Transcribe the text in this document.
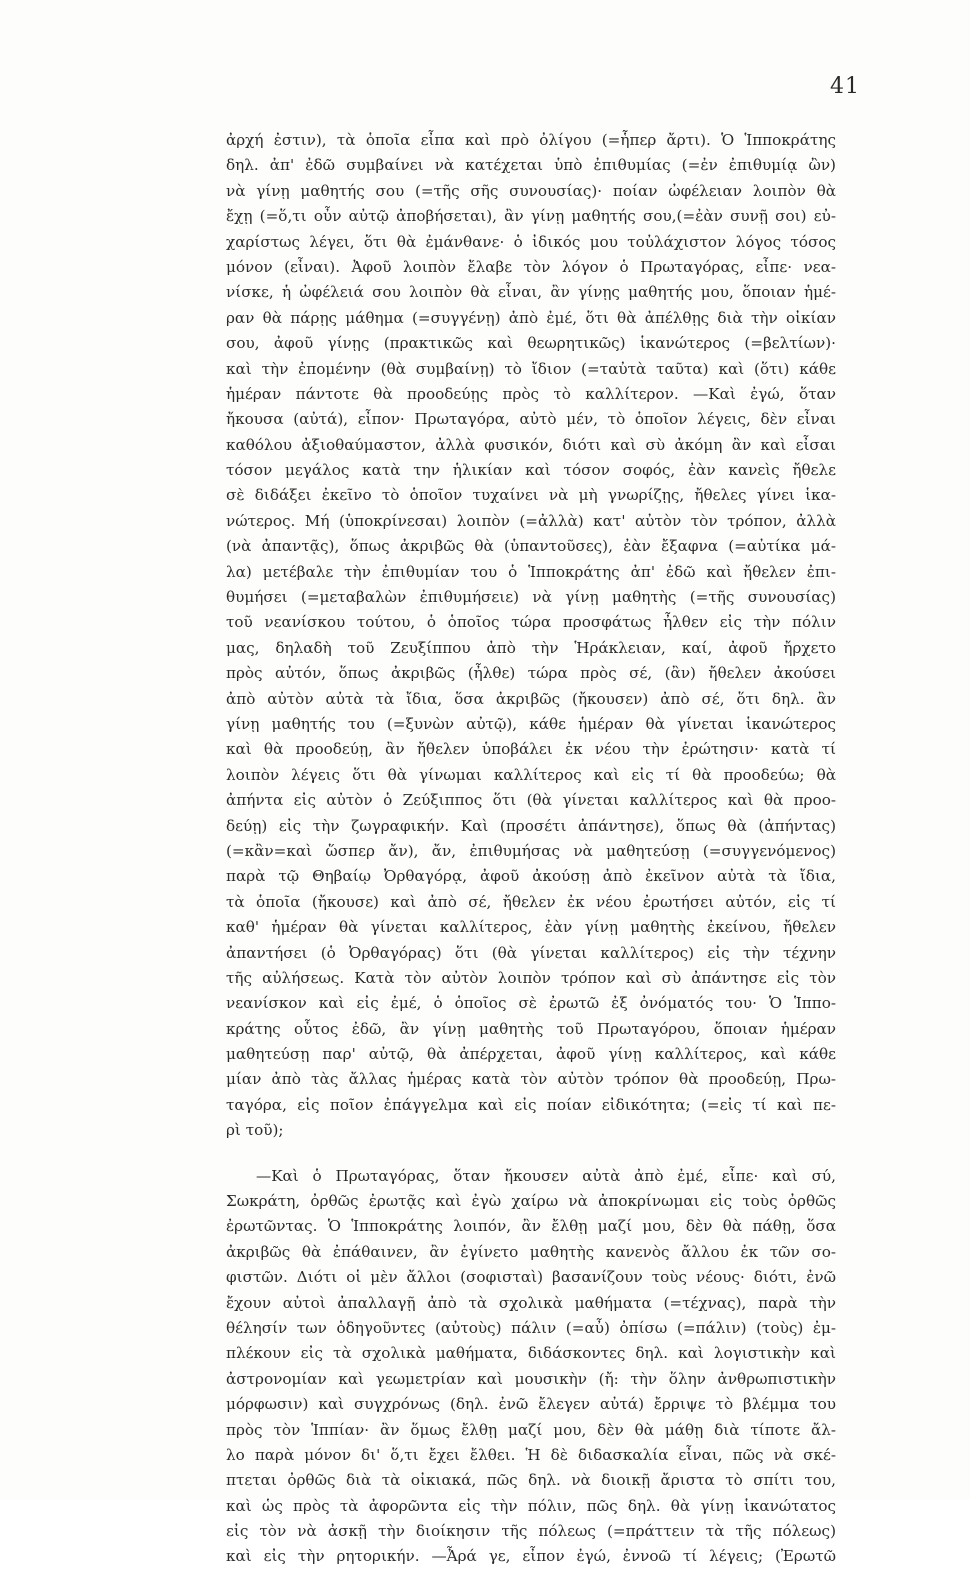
41
ἀρχή ἐστιν), τὰ ὁποῖα εἶπα καὶ πρὸ ὀλίγου (=ἧπερ ἄρτι). Ὁ Ἱπποκράτης
δηλ. ἀπ' ἐδῶ συμβαίνει νὰ κατέχεται ὑπὸ ἐπιθυμίας (=ἐν ἐπιθυμίᾳ ὢν)
νὰ γίνῃ μαθητής σου (=τῆς σῆς συνουσίας)· ποίαν ὠφέλειαν λοιπὸν θὰ
ἔχῃ (=ὅ,τι οὖν αὐτῷ ἀποβήσεται), ἂν γίνῃ μαθητής σου,(=ἐὰν συνῇ σοι) εὐ-
χαρίστως λέγει, ὅτι θὰ ἐμάνθανε· ὁ ἰδικός μου τοὐλάχιστον λόγος τόσος
μόνον (εἶναι). Ἀφοῦ λοιπὸν ἔλαβε τὸν λόγον ὁ Πρωταγόρας, εἶπε· νεα-
νίσκε, ἡ ὠφέλειά σου λοιπὸν θὰ εἶναι, ἂν γίνῃς μαθητής μου, ὅποιαν ἡμέ-
ραν θὰ πάρῃς μάθημα (=συγγένῃ) ἀπὸ ἐμέ, ὅτι θὰ ἀπέλθῃς διὰ τὴν οἰκίαν
σου, ἀφοῦ γίνῃς (πρακτικῶς καὶ θεωρητικῶς) ἱκανώτερος (=βελτίων)·
καὶ τὴν ἐπομένην (θὰ συμβαίνῃ) τὸ ἴδιον (=ταὐτὰ ταῦτα) καὶ (ὅτι) κάθε
ἡμέραν πάντοτε θὰ προοδεύῃς πρὸς τὸ καλλίτερον. —Καὶ ἐγώ, ὅταν
ἤκουσα (αὐτά), εἶπον· Πρωταγόρα, αὐτὸ μέν, τὸ ὁποῖον λέγεις, δὲν εἶναι
καθόλου ἀξιοθαύμαστον, ἀλλὰ φυσικόν, διότι καὶ σὺ ἀκόμη ἂν καὶ εἶσαι
τόσον μεγάλος κατὰ την ἡλικίαν καὶ τόσον σοφός, ἐὰν κανεὶς ἤθελε
σὲ διδάξει ἐκεῖνο τὸ ὁποῖον τυχαίνει νὰ μὴ γνωρίζῃς, ἤθελες γίνει ἱκα-
νώτερος. Μή (ὑποκρίνεσαι) λοιπὸν (=ἀλλὰ) κατ' αὐτὸν τὸν τρόπον, ἀλλὰ
(νὰ ἀπαντᾷς), ὅπως ἀκριβῶς θὰ (ὑπαντοῦσες), ἐὰν ἔξαφνα (=αὐτίκα μά-
λα) μετέβαλε τὴν ἐπιθυμίαν του ὁ Ἱπποκράτης ἀπ' ἐδῶ καὶ ἤθελεν ἐπι-
θυμήσει (=μεταβαλὼν ἐπιθυμήσειε) νὰ γίνῃ μαθητὴς (=τῆς συνουσίας)
τοῦ νεανίσκου τούτου, ὁ ὁποῖος τώρα προσφάτως ἦλθεν εἰς τὴν πόλιν
μας, δηλαδὴ τοῦ Ζευξίππου ἀπὸ τὴν Ἡράκλειαν, καί, ἀφοῦ ἤρχετο
πρὸς αὐτόν, ὅπως ἀκριβῶς (ἦλθε) τώρα πρὸς σέ, (ἂν) ἤθελεν ἀκούσει
ἀπὸ αὐτὸν αὐτὰ τὰ ἴδια, ὅσα ἀκριβῶς (ἤκουσεν) ἀπὸ σέ, ὅτι δηλ. ἂν
γίνῃ μαθητής του (=ξυνὼν αὐτῷ), κάθε ἡμέραν θὰ γίνεται ἱκανώτερος
καὶ θὰ προοδεύῃ, ἂν ἤθελεν ὑποβάλει ἐκ νέου τὴν ἐρώτησιν· κατὰ τί
λοιπὸν λέγεις ὅτι θὰ γίνωμαι καλλίτερος καὶ εἰς τί θὰ προοδεύω; θὰ
ἀπήντα εἰς αὐτὸν ὁ Ζεύξιππος ὅτι (θὰ γίνεται καλλίτερος καὶ θὰ προο-
δεύῃ) εἰς τὴν ζωγραφικήν. Καὶ (προσέτι ἀπάντησε), ὅπως θὰ (ἀπήντας)
(=κἂν=καὶ ὥσπερ ἄν), ἄν, ἐπιθυμήσας νὰ μαθητεύσῃ (=συγγενόμενος)
παρὰ τῷ Θηβαίῳ Ὀρθαγόρᾳ, ἀφοῦ ἀκούσῃ ἀπὸ ἐκεῖνον αὐτὰ τὰ ἴδια,
τὰ ὁποῖα (ἤκουσε) καὶ ἀπὸ σέ, ἤθελεν ἐκ νέου ἐρωτήσει αὐτόν, εἰς τί
καθ' ἡμέραν θὰ γίνεται καλλίτερος, ἐὰν γίνῃ μαθητὴς ἐκείνου, ἤθελεν
ἀπαντήσει (ὁ Ὀρθαγόρας) ὅτι (θὰ γίνεται καλλίτερος) εἰς τὴν τέχνην
τῆς αὐλήσεως. Κατὰ τὸν αὐτὸν λοιπὸν τρόπον καὶ σὺ ἀπάντησε εἰς τὸν
νεανίσκον καὶ εἰς ἐμέ, ὁ ὁποῖος σὲ ἐρωτῶ ἐξ ὀνόματός του· Ὁ Ἱππο-
κράτης οὗτος ἐδῶ, ἂν γίνῃ μαθητὴς τοῦ Πρωταγόρου, ὅποιαν ἡμέραν
μαθητεύσῃ παρ' αὐτῷ, θὰ ἀπέρχεται, ἀφοῦ γίνῃ καλλίτερος, καὶ κάθε
μίαν ἀπὸ τὰς ἄλλας ἡμέρας κατὰ τὸν αὐτὸν τρόπον θὰ προοδεύῃ, Πρω-
ταγόρα, εἰς ποῖον ἐπάγγελμα καὶ εἰς ποίαν εἰδικότητα; (=εἰς τί καὶ πε-
ρὶ τοῦ);
—Καὶ ὁ Πρωταγόρας, ὅταν ἤκουσεν αὐτὰ ἀπὸ ἐμέ, εἶπε· καὶ σύ,
Σωκράτη, ὀρθῶς ἐρωτᾷς καὶ ἐγὼ χαίρω νὰ ἀποκρίνωμαι εἰς τοὺς ὀρθῶς
ἐρωτῶντας. Ὁ Ἱπποκράτης λοιπόν, ἂν ἔλθῃ μαζί μου, δὲν θὰ πάθῃ, ὅσα
ἀκριβῶς θὰ ἐπάθαινεν, ἂν ἐγίνετο μαθητὴς κανενὸς ἄλλου ἐκ τῶν σο-
φιστῶν. Διότι οἱ μὲν ἄλλοι (σοφισταὶ) βασανίζουν τοὺς νέους· διότι, ἐνῶ
ἔχουν αὐτοὶ ἀπαλλαγῇ ἀπὸ τὰ σχολικὰ μαθήματα (=τέχνας), παρὰ τὴν
θέλησίν των ὁδηγοῦντες (αὐτοὺς) πάλιν (=αὖ) ὀπίσω (=πάλιν) (τοὺς) ἐμ-
πλέκουν εἰς τὰ σχολικὰ μαθήματα, διδάσκοντες δηλ. καὶ λογιστικὴν καὶ
ἀστρονομίαν καὶ γεωμετρίαν καὶ μουσικὴν (ἤ: τὴν ὅλην ἀνθρωπιστικὴν
μόρφωσιν) καὶ συγχρόνως (δηλ. ἐνῶ ἔλεγεν αὐτά) ἔρριψε τὸ βλέμμα του
πρὸς τὸν Ἱππίαν· ἂν ὅμως ἔλθῃ μαζί μου, δὲν θὰ μάθῃ διὰ τίποτε ἄλ-
λο παρὰ μόνον δι' ὅ,τι ἔχει ἔλθει. Ἡ δὲ διδασκαλία εἶναι, πῶς νὰ σκέ-
πτεται ὀρθῶς διὰ τὰ οἰκιακά, πῶς δηλ. νὰ διοικῇ ἄριστα τὸ σπίτι του,
καὶ ὡς πρὸς τὰ ἀφορῶντα εἰς τὴν πόλιν, πῶς δηλ. θὰ γίνῃ ἱκανώτατος
εἰς τὸν νὰ ἀσκῇ τὴν διοίκησιν τῆς πόλεως (=πράττειν τὰ τῆς πόλεως)
καὶ εἰς τὴν ρητορικήν. —Ἆρά γε, εἶπον ἐγώ, ἐννοῶ τί λέγεις; (Ἐρωτῶ
